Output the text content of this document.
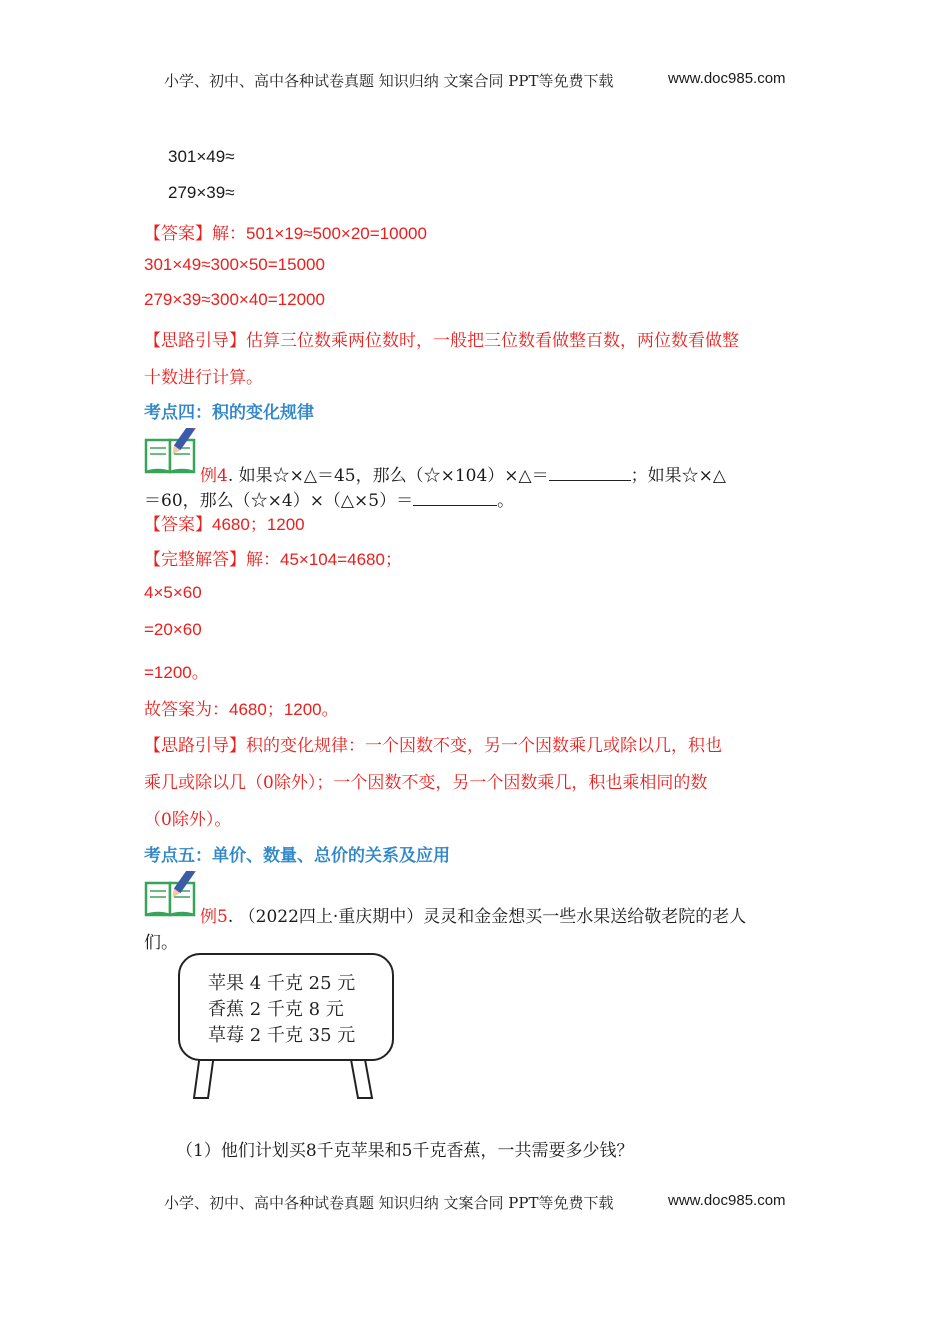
小学、初中、高中各种试卷真题 知识归纳 文案合同 PPT等免费下载	www.doc985.com
301×49≈
279×39≈
【答案】解：501×19≈500×20=10000
301×49≈300×50=15000
279×39≈300×40=12000
【思路引导】估算三位数乘两位数时，一般把三位数看做整百数，两位数看做整
十数进行计算。
考点四：积的变化规律
例4. 如果☆×△＝45，那么（☆×104）×△＝	；如果☆×△
＝60，那么（☆×4）×（△×5）＝	。
【答案】4680；1200
【完整解答】解：45×104=4680；
4×5×60
=20×60
=1200。
故答案为：4680；1200。
【思路引导】积的变化规律：一个因数不变，另一个因数乘几或除以几，积也
乘几或除以几（0除外）；一个因数不变，另一个因数乘几，积也乘相同的数
（0除外）。
考点五：单价、数量、总价的关系及应用
例5. （2022四上·重庆期中）灵灵和金金想买一些水果送给敬老院的老人
们。
苹果 4 千克 25 元
香蕉 2 千克 8 元
草莓 2 千克 35 元
（1）他们计划买8千克苹果和5千克香蕉，一共需要多少钱？
小学、初中、高中各种试卷真题 知识归纳 文案合同 PPT等免费下载	www.doc985.com
